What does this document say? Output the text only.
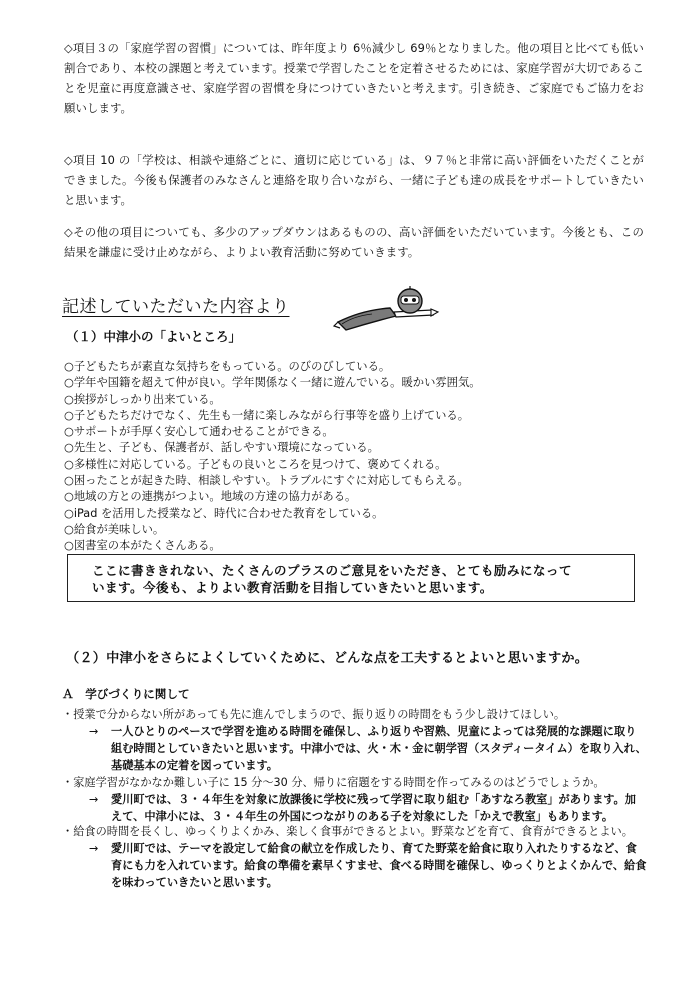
◇項目３の「家庭学習の習慣」については、昨年度より 6％減少し 69％となりました。他の項目と比べても低い割合であり、本校の課題と考えています。授業で学習したことを定着させるためには、家庭学習が大切であることを児童に再度意識させ、家庭学習の習慣を身につけていきたいと考えます。引き続き、ご家庭でもご協力をお願いします。

◇項目 10 の「学校は、相談や連絡ごとに、適切に応じている」は、９７％と非常に高い評価をいただくことができました。今後も保護者のみなさんと連絡を取り合いながら、一緒に子ども達の成長をサポートしていきたいと思います。

◇その他の項目についても、多少のアップダウンはあるものの、高い評価をいただいています。今後とも、この結果を謙虚に受け止めながら、よりよい教育活動に努めていきます。

記述していただいた内容より
（１）中津小の「よいところ」
○子どもたちが素直な気持ちをもっている。のびのびしている。
○学年や国籍を超えて仲が良い。学年関係なく一緒に遊んでいる。暖かい雰囲気。
○挨拶がしっかり出来ている。
○子どもたちだけでなく、先生も一緒に楽しみながら行事等を盛り上げている。
○サポートが手厚く安心して通わせることができる。
○先生と、子ども、保護者が、話しやすい環境になっている。
○多様性に対応している。子どもの良いところを見つけて、褒めてくれる。
○困ったことが起きた時、相談しやすい。トラブルにすぐに対応してもらえる。
○地域の方との連携がつよい。地域の方達の協力がある。
○iPad を活用した授業など、時代に合わせた教育をしている。
○給食が美味しい。
○図書室の本がたくさんある。

ここに書ききれない、たくさんのプラスのご意見をいただき、とても励みになって

います。今後も、よりよい教育活動を目指していきたいと思います。

（２）中津小をさらによくしていくために、どんな点を工夫するとよいと思いますか。
Ａ　学びづくりに関して

・授業で分からない所があっても先に進んでしまうので、振り返りの時間をもう少し設けてほしい。

→ 一人ひとりのペースで学習を進める時間を確保し、ふり返りや習熟、児童によっては発展的な課題に取り組む時間としていきたいと思います。中津小では、火・木・金に朝学習（スタディータイム）を取り入れ、基礎基本の定着を図っています。

・家庭学習がなかなか難しい子に 15 分〜30 分、帰りに宿題をする時間を作ってみるのはどうでしょうか。

→ 愛川町では、３・４年生を対象に放課後に学校に残って学習に取り組む「あすなろ教室」があります。加えて、中津小には、３・４年生の外国につながりのある子を対象にした「かえで教室」もあります。

・給食の時間を長くし、ゆっくりよくかみ、楽しく食事ができるとよい。野菜などを育て、食育ができるとよい。

→ 愛川町では、テーマを設定して給食の献立を作成したり、育てた野菜を給食に取り入れたりするなど、食育にも力を入れています。給食の準備を素早くすませ、食べる時間を確保し、ゆっくりとよくかんで、給食を味わっていきたいと思います。
